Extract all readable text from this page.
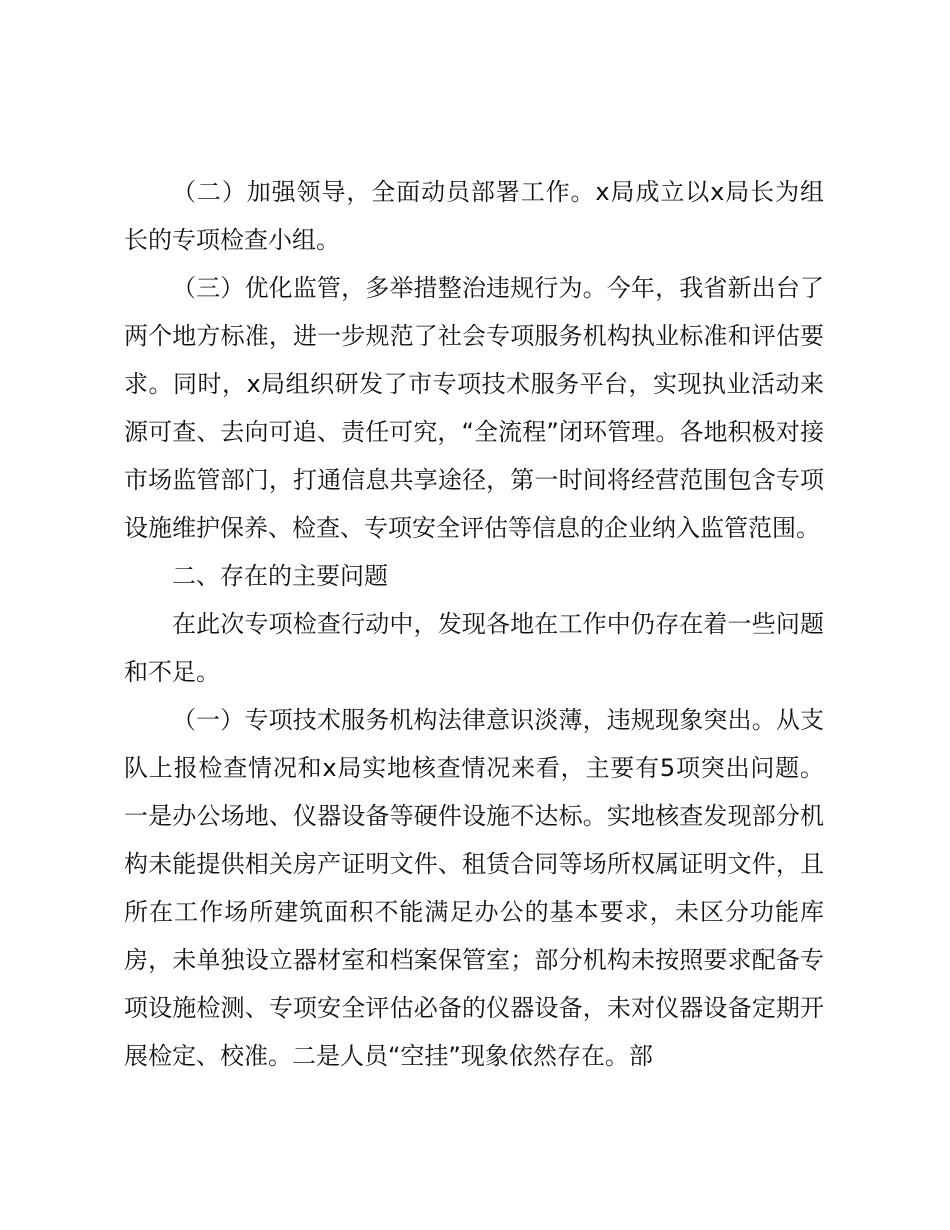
（二）加强领导，全面动员部署工作。x局成立以x局长为组长的专项检查小组。

（三）优化监管，多举措整治违规行为。今年，我省新出台了两个地方标准，进一步规范了社会专项服务机构执业标准和评估要求。同时，x局组织研发了市专项技术服务平台，实现执业活动来源可查、去向可追、责任可究，“全流程”闭环管理。各地积极对接市场监管部门，打通信息共享途径，第一时间将经营范围包含专项设施维护保养、检查、专项安全评估等信息的企业纳入监管范围。

二、存在的主要问题

在此次专项检查行动中，发现各地在工作中仍存在着一些问题和不足。

（一）专项技术服务机构法律意识淡薄，违规现象突出。从支队上报检查情况和x局实地核查情况来看，主要有5项突出问题。一是办公场地、仪器设备等硬件设施不达标。实地核查发现部分机构未能提供相关房产证明文件、租赁合同等场所权属证明文件，且所在工作场所建筑面积不能满足办公的基本要求，未区分功能库房，未单独设立器材室和档案保管室；部分机构未按照要求配备专项设施检测、专项安全评估必备的仪器设备，未对仪器设备定期开展检定、校准。二是人员“空挂”现象依然存在。部
